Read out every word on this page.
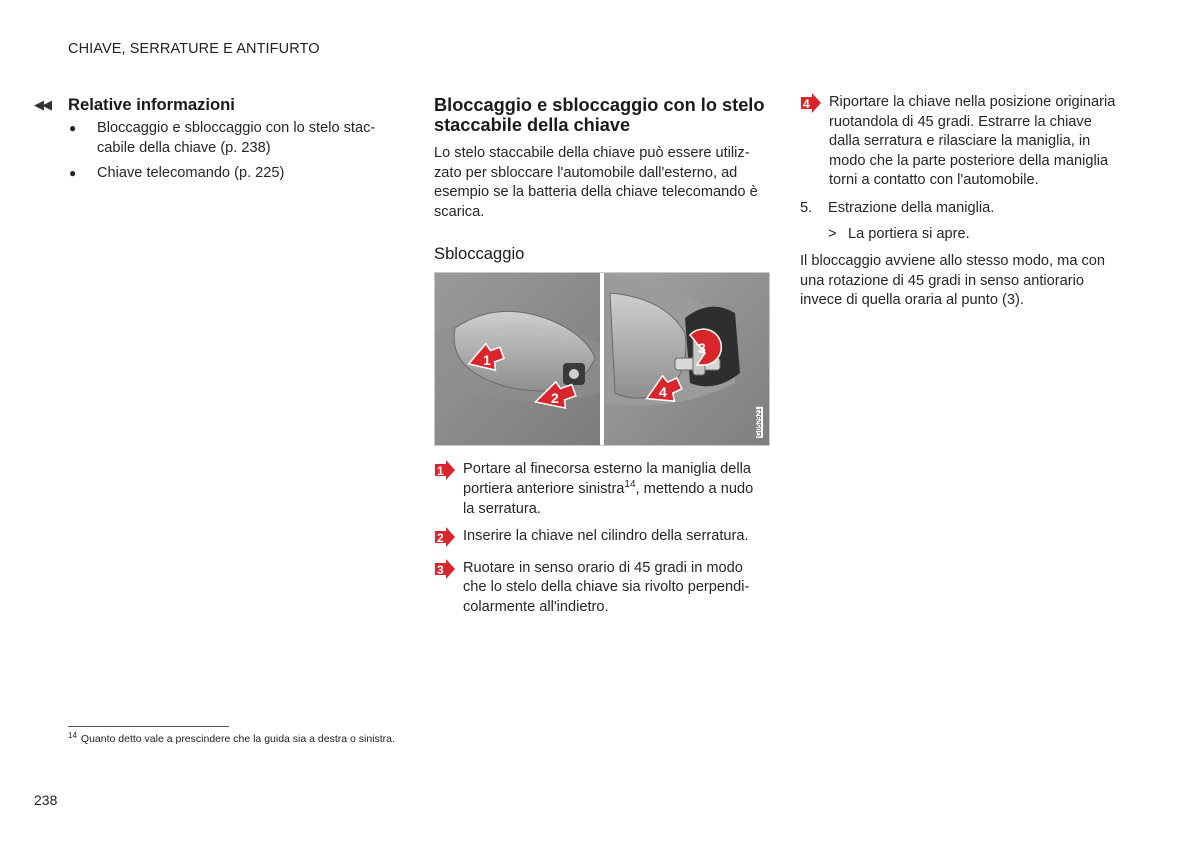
CHIAVE, SERRATURE E ANTIFURTO
◀◀	Relative informazioni
● Bloccaggio e sbloccaggio con lo stelo stac-cabile della chiave (p. 238)
● Chiave telecomando (p. 225)
Bloccaggio e sbloccaggio con lo stelo staccabile della chiave
Lo stelo staccabile della chiave può essere utiliz-zato per sbloccare l'automobile dall'esterno, ad esempio se la batteria della chiave telecomando è scarica.
Sbloccaggio
1
2
3
4
G052921
1 Portare al finecorsa esterno la maniglia della portiera anteriore sinistra$^{14}$, mettendo a nudo la serratura.
2 Inserire la chiave nel cilindro della serratura.
3 Ruotare in senso orario di 45 gradi in modo che lo stelo della chiave sia rivolto perpendi-colarmente all'indietro.
4 Riportare la chiave nella posizione originaria ruotandola di 45 gradi. Estrarre la chiave dalla serratura e rilasciare la maniglia, in modo che la parte posteriore della maniglia torni a contatto con l'automobile.
5. Estrazione della maniglia.
> La portiera si apre.
Il bloccaggio avviene allo stesso modo, ma con una rotazione di 45 gradi in senso antiorario invece di quella oraria al punto (3).
$^{14}$ Quanto detto vale a prescindere che la guida sia a destra o sinistra.
238
